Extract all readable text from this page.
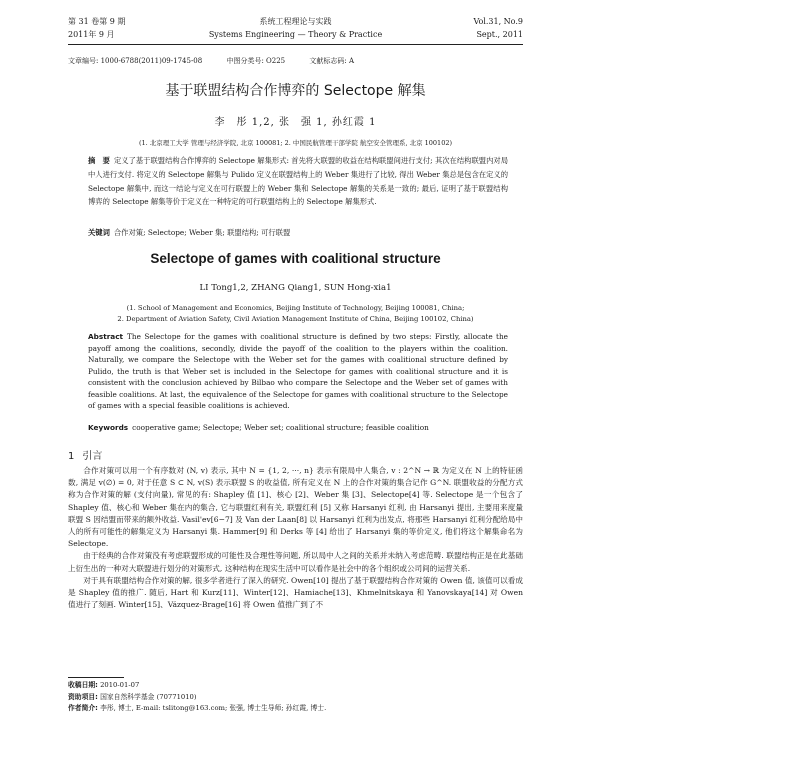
第 31 卷第 9 期
2011年 9 月
系统工程理论与实践
Systems Engineering — Theory & Practice
Vol.31, No.9
Sept., 2011
文章编号: 1000-6788(2011)09-1745-08	中图分类号: O225	文献标志码: A
基于联盟结构合作博弈的 Selectope 解集
李　彤 1,2, 张　强 1, 孙红霞 1
(1. 北京理工大学 管理与经济学院, 北京 100081; 2. 中国民航管理干部学院 航空安全管理系, 北京 100102)
摘　要 定义了基于联盟结构合作博弈的 Selectope 解集形式: 首先将大联盟的收益在结构联盟间进行支付; 其次在结构联盟内对局中人进行支付. 将定义的 Selectope 解集与 Pulido 定义在联盟结构上的 Weber 集进行了比较, 得出 Weber 集总是包含在定义的 Selectope 解集中, 而这一结论与定义在可行联盟上的 Weber 集和 Selectope 解集的关系是一致的; 最后, 证明了基于联盟结构博弈的 Selectope 解集等价于定义在一种特定的可行联盟结构上的 Selectope 解集形式.
关键词 合作对策; Selectope; Weber 集; 联盟结构; 可行联盟
Selectope of games with coalitional structure
LI Tong1,2, ZHANG Qiang1, SUN Hong-xia1
(1. School of Management and Economics, Beijing Institute of Technology, Beijing 100081, China;
2. Department of Aviation Safety, Civil Aviation Management Institute of China, Beijing 100102, China)
Abstract The Selectope for the games with coalitional structure is defined by two steps: Firstly, allocate the payoff among the coalitions, secondly, divide the payoff of the coalition to the players within the coalition. Naturally, we compare the Selectope with the Weber set for the games with coalitional structure defined by Pulido, the truth is that Weber set is included in the Selectope for games with coalitional structure and it is consistent with the conclusion achieved by Bilbao who compare the Selectope and the Weber set of games with feasible coalitions. At last, the equivalence of the Selectope for games with coalitional structure to the Selectope of games with a special feasible coalitions is achieved.
Keywords cooperative game; Selectope; Weber set; coalitional structure; feasible coalition
1 引言

合作对策可以用一个有序数对 (N, v) 表示, 其中 N = {1, 2, ···, n} 表示有限局中人集合, v : 2^N → ℝ 为定义在 N 上的特征函数, 满足 v(∅) = 0, 对于任意 S ⊂ N, v(S) 表示联盟 S 的收益值, 所有定义在 N 上的合作对策的集合记作 G^N. 联盟收益的分配方式称为合作对策的解 (支付向量), 常见的有: Shapley 值 [1]、核心 [2]、Weber 集 [3]、Selectope[4] 等. Selectope 是一个包含了 Shapley 值、核心和 Weber 集在内的集合, 它与联盟红利有关, 联盟红利 [5] 又称 Harsanyi 红利, 由 Harsanyi 提出, 主要用来度量联盟 S 因结盟而带来的额外收益. Vasil'ev[6−7] 及 Van der Laan[8] 以 Harsanyi 红利为出发点, 将那些 Harsanyi 红利分配给局中人的所有可能性的解集定义为 Harsanyi 集. Hammer[9] 和 Derks 等 [4] 给出了 Harsanyi 集的等价定义, 他们将这个解集命名为 Selectope.

由于经典的合作对策没有考虑联盟形成的可能性及合理性等问题, 所以局中人之间的关系并未纳入考虑范畴. 联盟结构正是在此基础上衍生出的一种对大联盟进行划分的对策形式, 这种结构在现实生活中可以看作是社会中的各个组织或公司间的运营关系.

对于具有联盟结构合作对策的解, 很多学者进行了深入的研究. Owen[10] 提出了基于联盟结构合作对策的 Owen 值, 该值可以看成是 Shapley 值的推广. 随后, Hart 和 Kurz[11]、Winter[12]、Hamiache[13]、Khmelnitskaya 和 Yanovskaya[14] 对 Owen 值进行了刻画. Winter[15]、Vázquez-Brage[16] 将 Owen 值推广到了不

收稿日期: 2010-01-07
资助项目: 国家自然科学基金 (70771010)
作者简介: 李彤, 博士, E-mail: tslitong@163.com; 张强, 博士生导师; 孙红霞, 博士.
